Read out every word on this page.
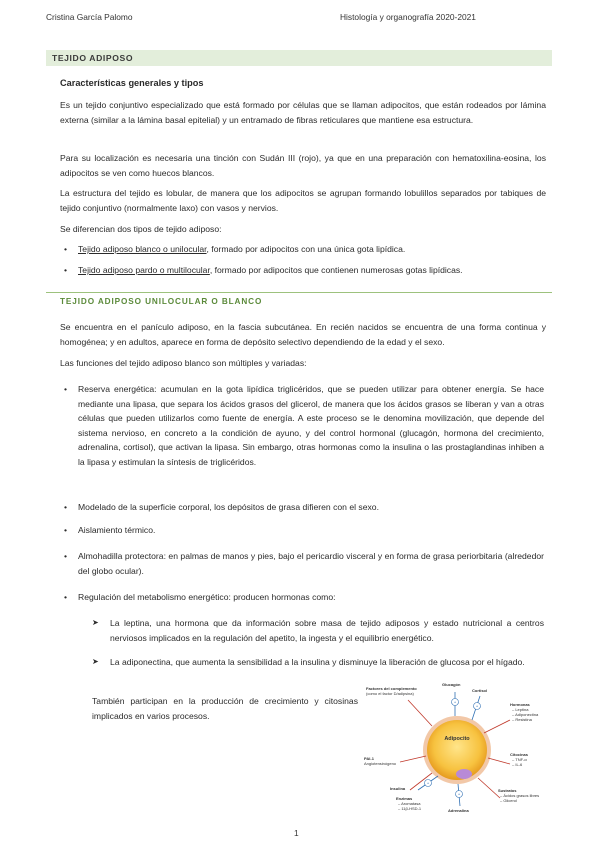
Cristina García Palomo	Histología y organografía 2020-2021
TEJIDO ADIPOSO
Características generales y tipos

Es un tejido conjuntivo especializado que está formado por células que se llaman adipocitos, que están rodeados por lámina externa (similar a la lámina basal epitelial) y un entramado de fibras reticulares que mantiene esa estructura.

Para su localización es necesaria una tinción con Sudán III (rojo), ya que en una preparación con hematoxilina-eosina, los adipocitos se ven como huecos blancos.

La estructura del tejido es lobular, de manera que los adipocitos se agrupan formando lobulillos separados por tabiques de tejido conjuntivo (normalmente laxo) con vasos y nervios.

Se diferencian dos tipos de tejido adiposo:

• Tejido adiposo blanco o unilocular, formado por adipocitos con una única gota lipídica.
• Tejido adiposo pardo o multilocular, formado por adipocitos que contienen numerosas gotas lipídicas.
TEJIDO ADIPOSO UNILOCULAR O BLANCO

Se encuentra en el panículo adiposo, en la fascia subcutánea. En recién nacidos se encuentra de una forma continua y homogénea; y en adultos, aparece en forma de depósito selectivo dependiendo de la edad y el sexo.

Las funciones del tejido adiposo blanco son múltiples y variadas:

• Reserva energética: acumulan en la gota lipídica triglicéridos, que se pueden utilizar para obtener energía. Se hace mediante una lipasa, que separa los ácidos grasos del glicerol, de manera que los ácidos grasos se liberan y van a otras células que pueden utilizarlos como fuente de energía. A este proceso se le denomina movilización, que depende del sistema nervioso, en concreto a la condición de ayuno, y del control hormonal (glucagón, hormona del crecimiento, adrenalina, cortisol), que activan la lipasa. Sin embargo, otras hormonas como la insulina o las prostaglandinas inhiben a la lipasa y estimulan la síntesis de triglicéridos.
• Modelado de la superficie corporal, los depósitos de grasa difieren con el sexo.
• Aislamiento térmico.
• Almohadilla protectora: en palmas de manos y pies, bajo el pericardio visceral y en forma de grasa periorbitaria (alrededor del globo ocular).
• Regulación del metabolismo energético: producen hormonas como:
➤ La leptina, una hormona que da información sobre masa de tejido adiposos y estado nutricional a centros nerviosos implicados en la regulación del apetito, la ingesta y el equilibrio energético.
➤ La adiponectina, que aumenta la sensibilidad a la insulina y disminuye la liberación de glucosa por el hígado.

También participan en la producción de crecimiento y citosinas implicados en varios procesos.

Adipocito
+
+
+
+
Factores del complemento
(como el factor D/adipsina)
Glucagón
Cortisol
Hormonas
– Leptina
– Adiponectina
– Resistina
Citocinas
– TNF-α
– IL-6
Sustratos
– Ácidos grasos libres
– Glicerol
PAI-1
Angiotensinógeno
Insulina
Enzimas
– Aromatasa
– 11β-HSD-1	Adrenalina
1
